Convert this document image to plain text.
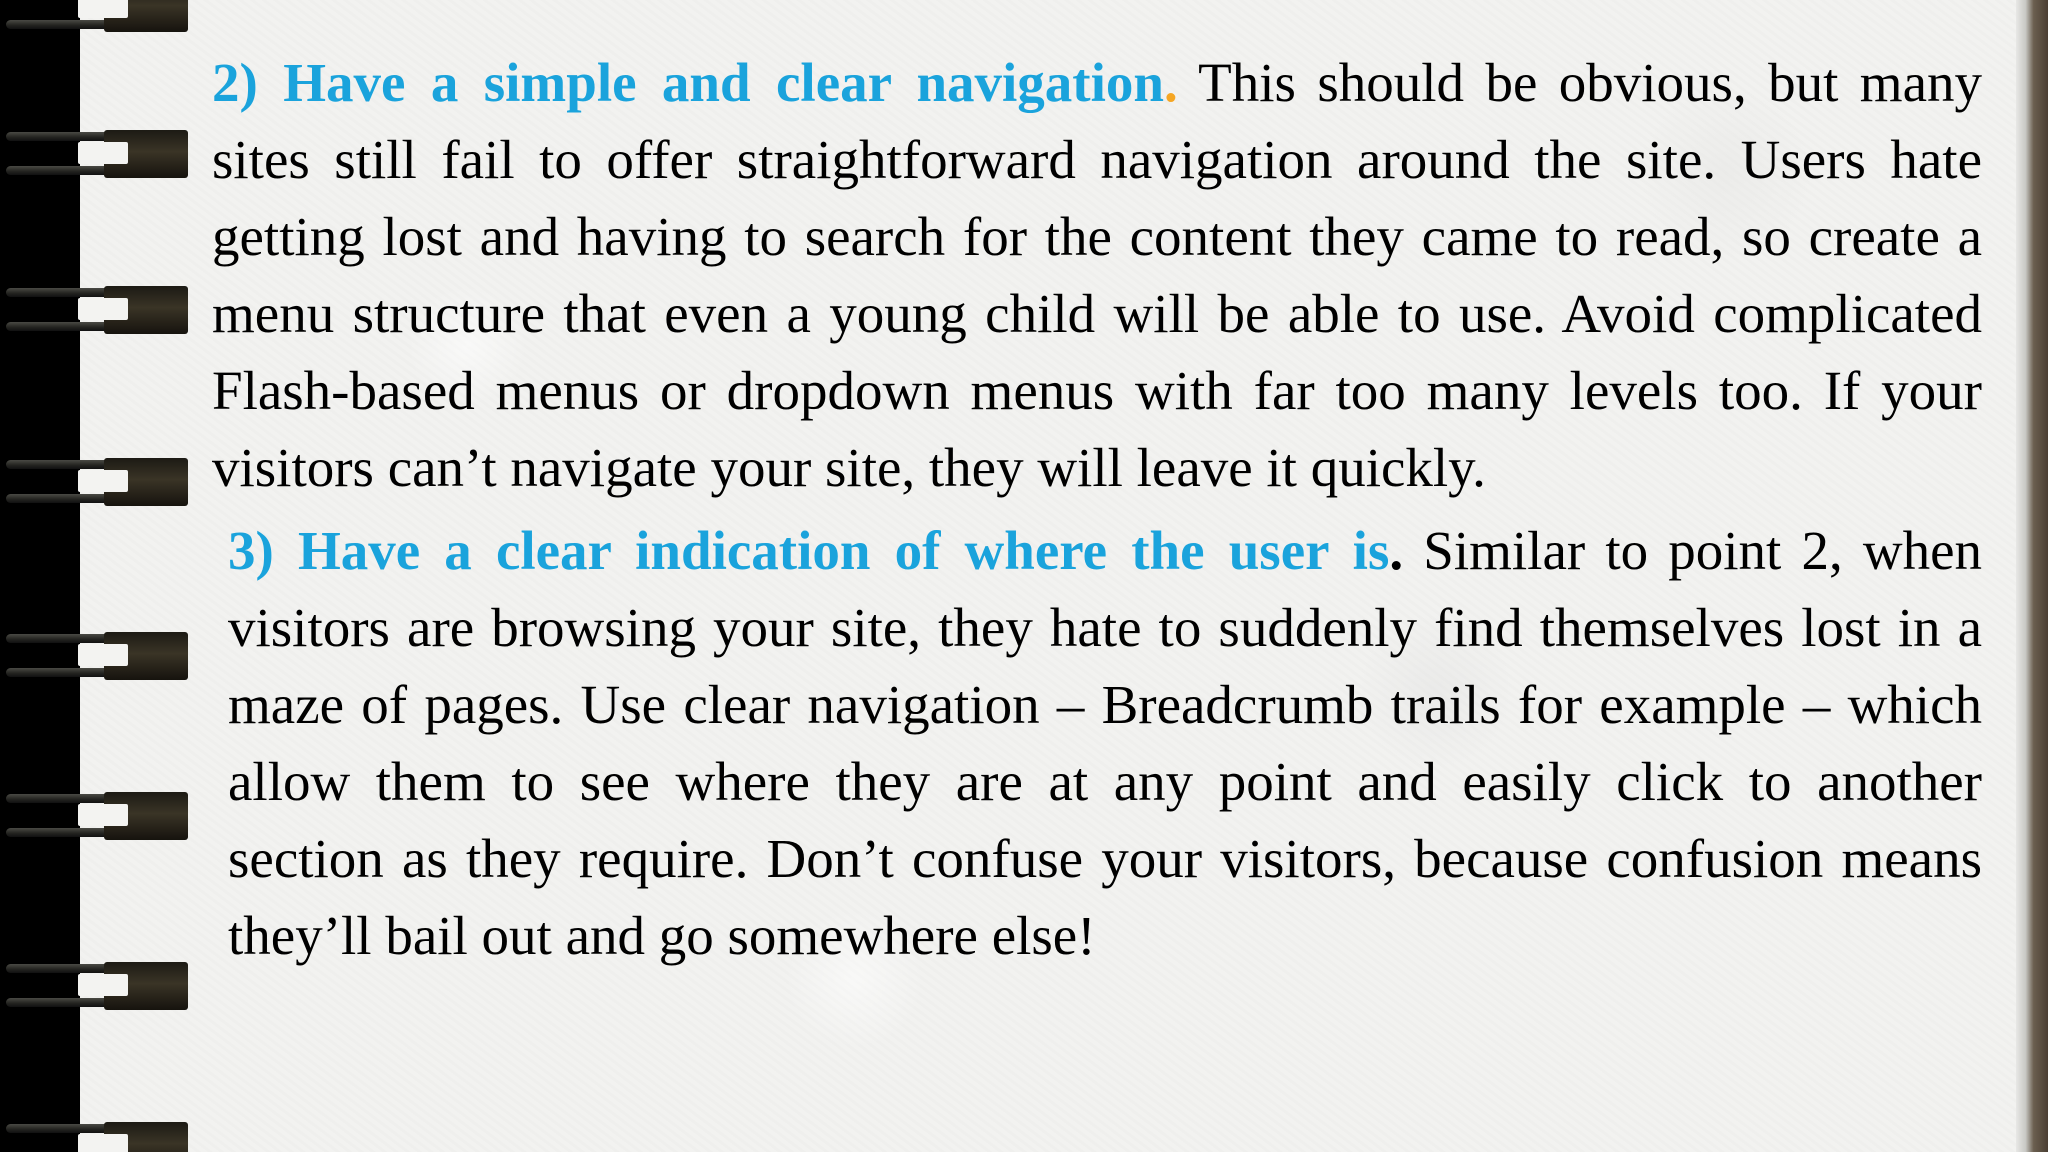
2) Have a simple and clear navigation. This should be obvious, but many sites still fail to offer straightforward navigation around the site. Users hate getting lost and having to search for the content they came to read, so create a menu structure that even a young child will be able to use. Avoid complicated Flash-based menus or dropdown menus with far too many levels too. If your visitors can’t navigate your site, they will leave it quickly.

3) Have a clear indication of where the user is. Similar to point 2, when visitors are browsing your site, they hate to suddenly find themselves lost in a maze of pages. Use clear navigation – Breadcrumb trails for example – which allow them to see where they are at any point and easily click to another section as they require. Don’t confuse your visitors, because confusion means they’ll bail out and go somewhere else!
